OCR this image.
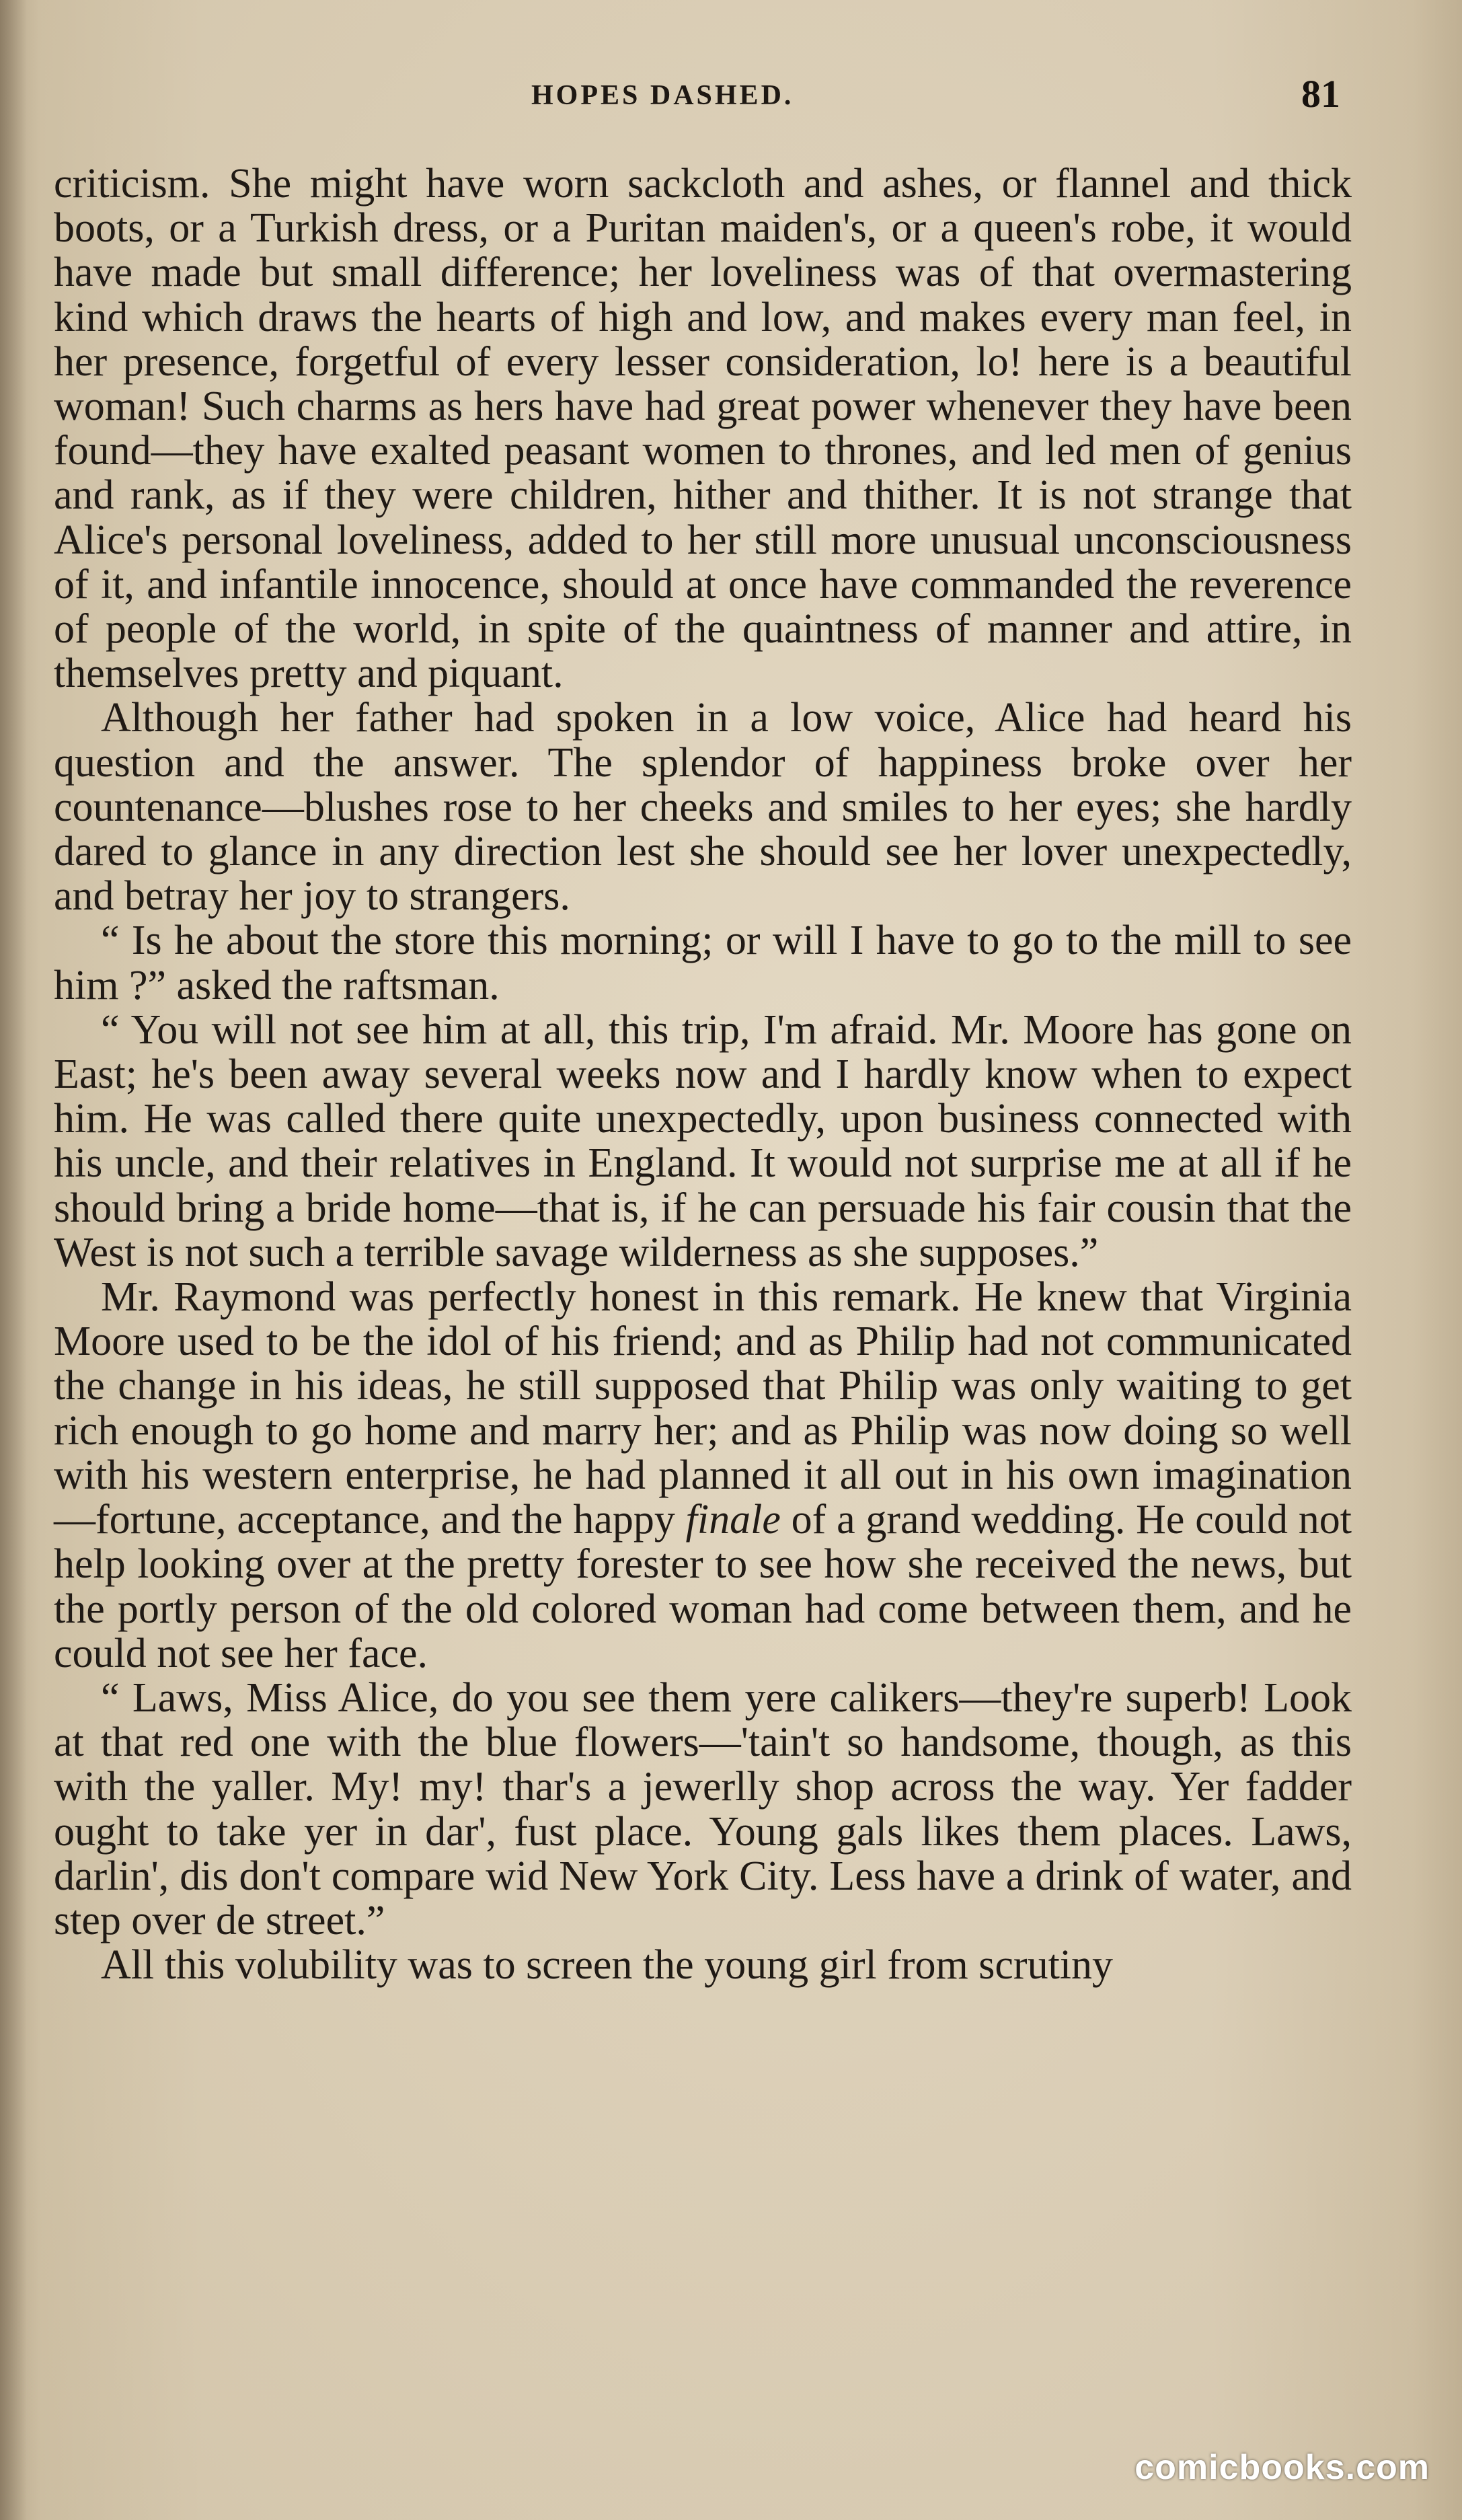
HOPES DASHED.	81

criticism. She might have worn sackcloth and ashes, or flannel and thick boots, or a Turkish dress, or a Puritan maiden's, or a queen's robe, it would have made but small difference; her loveliness was of that overmastering kind which draws the hearts of high and low, and makes every man feel, in her presence, forgetful of every lesser consideration, lo! here is a beautiful woman! Such charms as hers have had great power whenever they have been found—they have exalted peasant women to thrones, and led men of genius and rank, as if they were children, hither and thither. It is not strange that Alice's personal loveliness, added to her still more unusual unconsciousness of it, and infantile innocence, should at once have commanded the reverence of people of the world, in spite of the quaintness of manner and attire, in themselves pretty and piquant.

Although her father had spoken in a low voice, Alice had heard his question and the answer. The splendor of happiness broke over her countenance—blushes rose to her cheeks and smiles to her eyes; she hardly dared to glance in any direction lest she should see her lover unexpectedly, and betray her joy to strangers.

“ Is he about the store this morning; or will I have to go to the mill to see him ?” asked the raftsman.

“ You will not see him at all, this trip, I'm afraid. Mr. Moore has gone on East; he's been away several weeks now and I hardly know when to expect him. He was called there quite unexpectedly, upon business connected with his uncle, and their relatives in England. It would not surprise me at all if he should bring a bride home—that is, if he can persuade his fair cousin that the West is not such a terrible savage wilderness as she supposes.”

Mr. Raymond was perfectly honest in this remark. He knew that Virginia Moore used to be the idol of his friend; and as Philip had not communicated the change in his ideas, he still supposed that Philip was only waiting to get rich enough to go home and marry her; and as Philip was now doing so well with his western enterprise, he had planned it all out in his own imagination—fortune, acceptance, and the happy finale of a grand wedding. He could not help looking over at the pretty forester to see how she received the news, but the portly person of the old colored woman had come between them, and he could not see her face.

“ Laws, Miss Alice, do you see them yere calikers—they're superb! Look at that red one with the blue flowers—'tain't so handsome, though, as this with the yaller. My! my! thar's a jewerlly shop across the way. Yer fadder ought to take yer in dar', fust place. Young gals likes them places. Laws, darlin', dis don't compare wid New York City. Less have a drink of water, and step over de street.”

All this volubility was to screen the young girl from scrutiny

comicbooks.com
